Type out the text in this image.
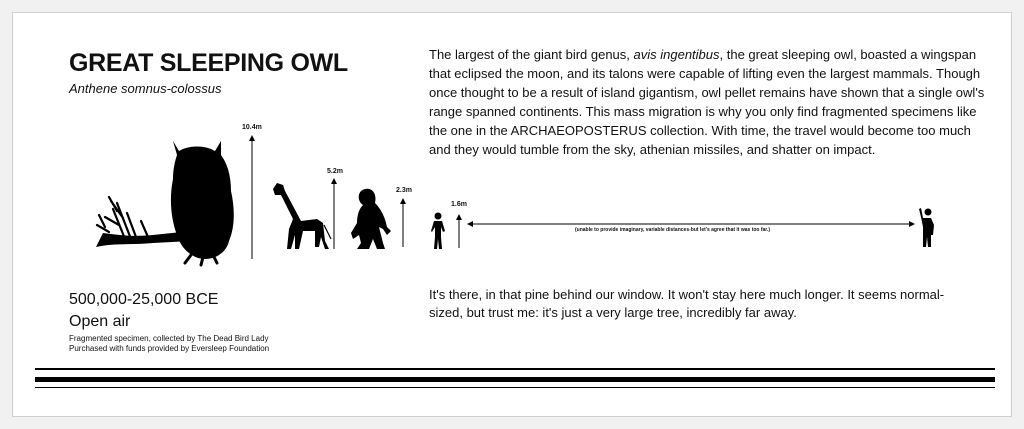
GREAT SLEEPING OWL
Anthene somnus-colossus
The largest of the giant bird genus, avis ingentibus, the great sleeping owl, boasted a wingspan that eclipsed the moon, and its talons were capable of lifting even the largest mammals. Though once thought to be a result of island gigantism, owl pellet remains have shown that a single owl's range spanned continents. This mass migration is why you only find fragmented specimens like the one in the ARCHAEOPOSTERUS collection. With time, the travel would become too much and they would tumble from the sky, athenian missiles, and shatter on impact.
10.4m
5.2m
2.3m
1.6m
(unable to provide imaginary, variable distances-but let's agree that it was too far.)
500,000-25,000 BCE
Open air
Fragmented specimen, collected by The Dead Bird Lady
Purchased with funds provided by Eversleep Foundation
It's there, in that pine behind our window. It won't stay here much longer. It seems normal-sized, but trust me: it's just a very large tree, incredibly far away.
